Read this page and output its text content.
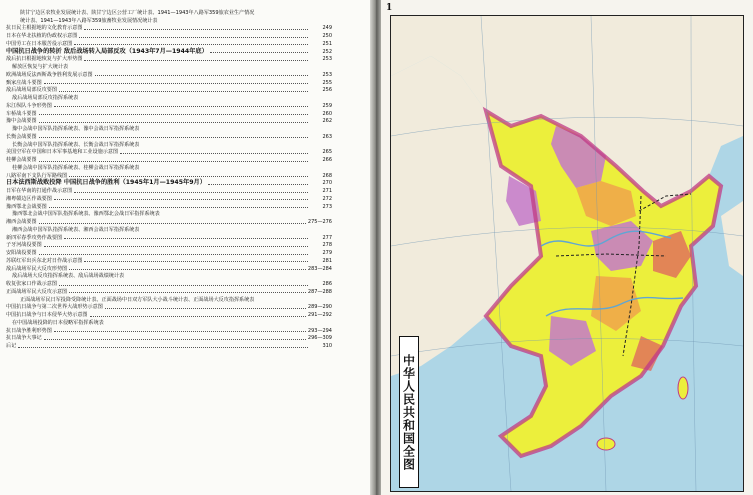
陕甘宁边区农牧业发展统计表、陕甘宁边区公营工厂统计表、1941—1943年八路军359旅农业生产情况
统计表、1941—1943年八路军359旅畜牧业发展情况统计表
抗日民主根据地的文化教育示意图	249
日本在华北扶植的伪政权示意图	250
中国劳工在日本服苦役示意图	251
中国抗日战争的转折 敌后战场转入局部反攻（1943年7月—1944年底）	252
敌后抗日根据地恢复与扩大形势图	253
解放区恢复与扩大统计表
欧洲战场反法西斯战争胜利发展示意图	253
甄家庄战斗要图	255
敌后战场局部反攻要图	256
敌后战场局部反攻指挥系统表
东江纵队斗争形势图	259
车桥战斗要图	260
豫中会战要图	262
豫中会战中国军队指挥系统表、豫中会战日军指挥系统表
长衡会战要图	263
长衡会战中国军队指挥系统表、长衡会战日军指挥系统表
美国空军在中国和日本军事基地和工业设施示意图	265
桂柳会战要图	266
桂柳会战中国军队指挥系统表、桂柳会战日军指挥系统表
八路军南下支队行军路线图	268
日本法西斯战败投降 中国抗日战争的胜利（1945年1月—1945年9月）	270
日军在华南的打通作战示意图	271
湘粤赣边区作战要图	272
豫西鄂北会战要图	273
豫西鄂北会战中国军队指挥系统表、豫西鄂北会战日军指挥系统表
湘西会战要图	275—276
湘西会战中国军队指挥系统表、湘西会战日军指挥系统表
新四军春季攻势作战要图	277
子牙河战役要图	278
安阳战役要图	279
苏联红军出兵东北对日作战示意图	281
敌后战场军民大反攻形势图	283—284
敌后战场大反攻指挥系统表、敌后战场战绩统计表
收复张家口作战示意图	286
正面战场军民大反攻示意图	287—288
正面战场军民日军投降受降统计表、正面战场中日双方军队大小战斗统计表、正面战场大反攻指挥系统表
中国抗日战争与第二次世界大战形势示意图	289—290
中国抗日战争与日本侵华大势示意图	291—292
在中国战场投降的日本侵略军指挥系统表
抗日战争胜利形势图	293—294
抗日战争大事记	296—309
后记	310
1
中华人民共和国全图
